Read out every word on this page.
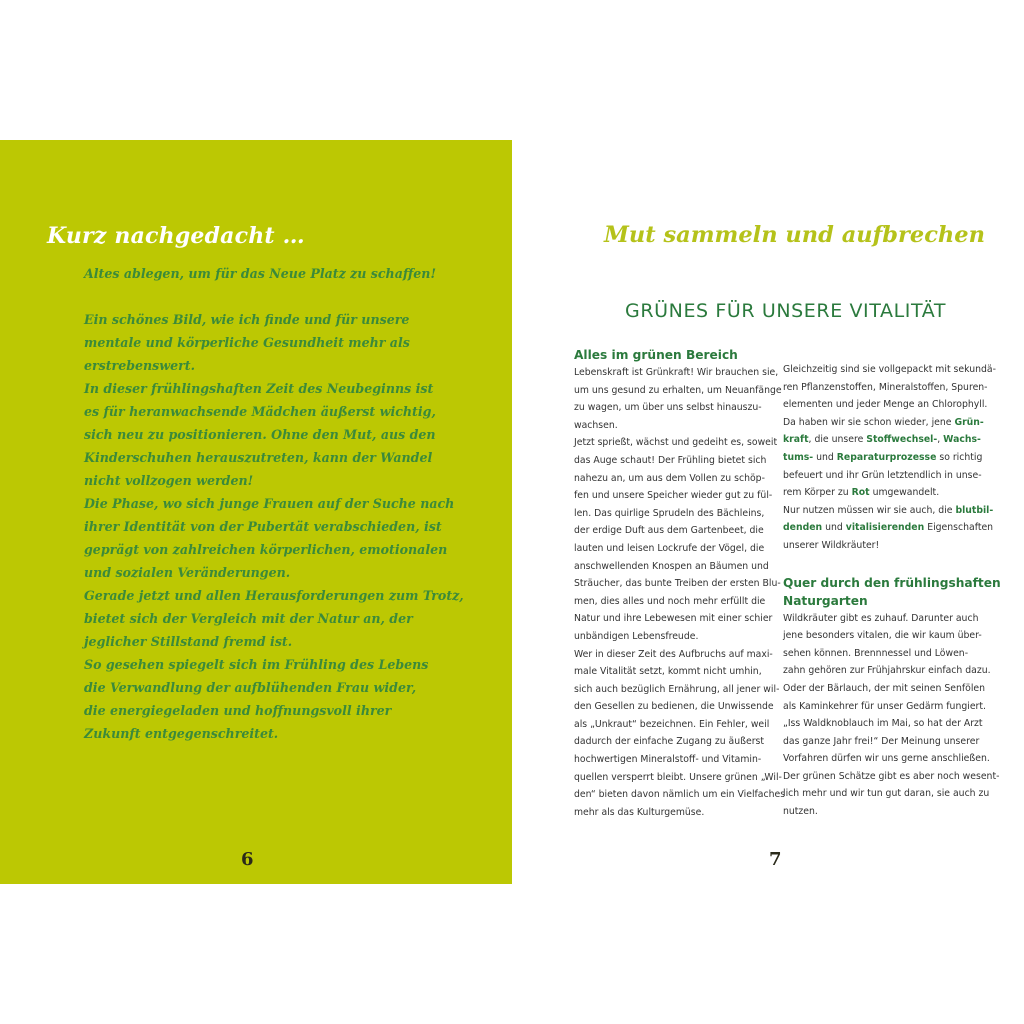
Kurz nachgedacht …
Altes ablegen, um für das Neue Platz zu schaffen!
Ein schönes Bild, wie ich finde und für unsere
mentale und körperliche Gesundheit mehr als
erstrebenswert.
In dieser frühlingshaften Zeit des Neubeginns ist
es für heranwachsende Mädchen äußerst wichtig,
sich neu zu positionieren. Ohne den Mut, aus den
Kinderschuhen herauszutreten, kann der Wandel
nicht vollzogen werden!
Die Phase, wo sich junge Frauen auf der Suche nach
ihrer Identität von der Pubertät verabschieden, ist
geprägt von zahlreichen körperlichen, emotionalen
und sozialen Veränderungen.
Gerade jetzt und allen Herausforderungen zum Trotz,
bietet sich der Vergleich mit der Natur an, der
jeglicher Stillstand fremd ist.
So gesehen spiegelt sich im Frühling des Lebens
die Verwandlung der aufblühenden Frau wider,
die energiegeladen und hoffnungsvoll ihrer
Zukunft entgegenschreitet.
6
Mut sammeln und aufbrechen
GRÜNES FÜR UNSERE VITALITÄT
Alles im grünen Bereich
Lebenskraft ist Grünkraft! Wir brauchen sie,
um uns gesund zu erhalten, um Neuanfänge
zu wagen, um über uns selbst hinauszu-
wachsen.
Jetzt sprießt, wächst und gedeiht es, soweit
das Auge schaut! Der Frühling bietet sich
nahezu an, um aus dem Vollen zu schöp-
fen und unsere Speicher wieder gut zu fül-
len. Das quirlige Sprudeln des Bächleins,
der erdige Duft aus dem Gartenbeet, die
lauten und leisen Lockrufe der Vögel, die
anschwellenden Knospen an Bäumen und
Sträucher, das bunte Treiben der ersten Blu-
men, dies alles und noch mehr erfüllt die
Natur und ihre Lebewesen mit einer schier
unbändigen Lebensfreude.
Wer in dieser Zeit des Aufbruchs auf maxi-
male Vitalität setzt, kommt nicht umhin,
sich auch bezüglich Ernährung, all jener wil-
den Gesellen zu bedienen, die Unwissende
als „Unkraut“ bezeichnen. Ein Fehler, weil
dadurch der einfache Zugang zu äußerst
hochwertigen Mineralstoff- und Vitamin-
quellen versperrt bleibt. Unsere grünen „Wil-
den“ bieten davon nämlich um ein Vielfaches
mehr als das Kulturgemüse.
Gleichzeitig sind sie vollgepackt mit sekundä-
ren Pflanzenstoffen, Mineralstoffen, Spuren-
elementen und jeder Menge an Chlorophyll.
Da haben wir sie schon wieder, jene Grün-
kraft, die unsere Stoffwechsel-, Wachs-
tums- und Reparaturprozesse so richtig
befeuert und ihr Grün letztendlich in unse-
rem Körper zu Rot umgewandelt.
Nur nutzen müssen wir sie auch, die blutbil-
denden und vitalisierenden Eigenschaften
unserer Wildkräuter!
Quer durch den frühlingshaften
Naturgarten
Wildkräuter gibt es zuhauf. Darunter auch
jene besonders vitalen, die wir kaum über-
sehen können. Brennnessel und Löwen-
zahn gehören zur Frühjahrskur einfach dazu.
Oder der Bärlauch, der mit seinen Senfölen
als Kaminkehrer für unser Gedärm fungiert.
„Iss Waldknoblauch im Mai, so hat der Arzt
das ganze Jahr frei!“ Der Meinung unserer
Vorfahren dürfen wir uns gerne anschließen.
Der grünen Schätze gibt es aber noch wesent-
lich mehr und wir tun gut daran, sie auch zu
nutzen.
7
